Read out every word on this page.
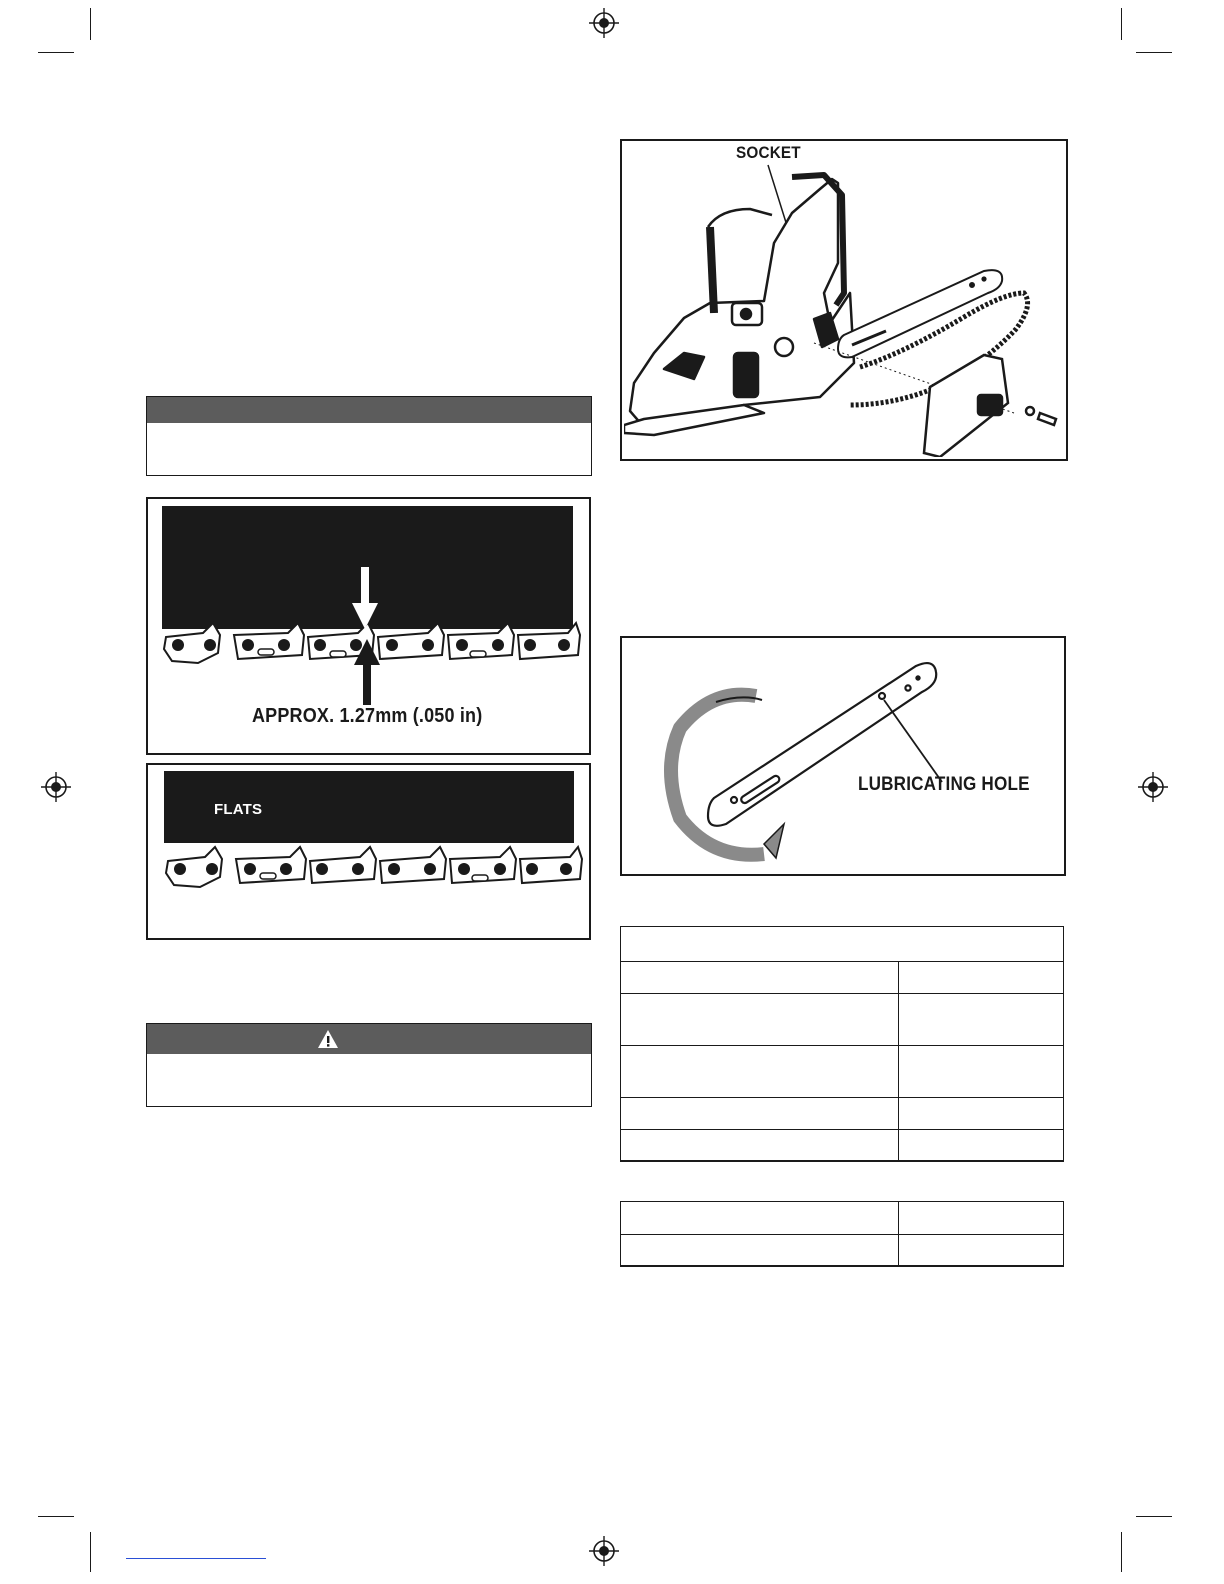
APPROX. 1.27mm (.050 in)
FLATS
SOCKET
LUBRICATING HOLE
